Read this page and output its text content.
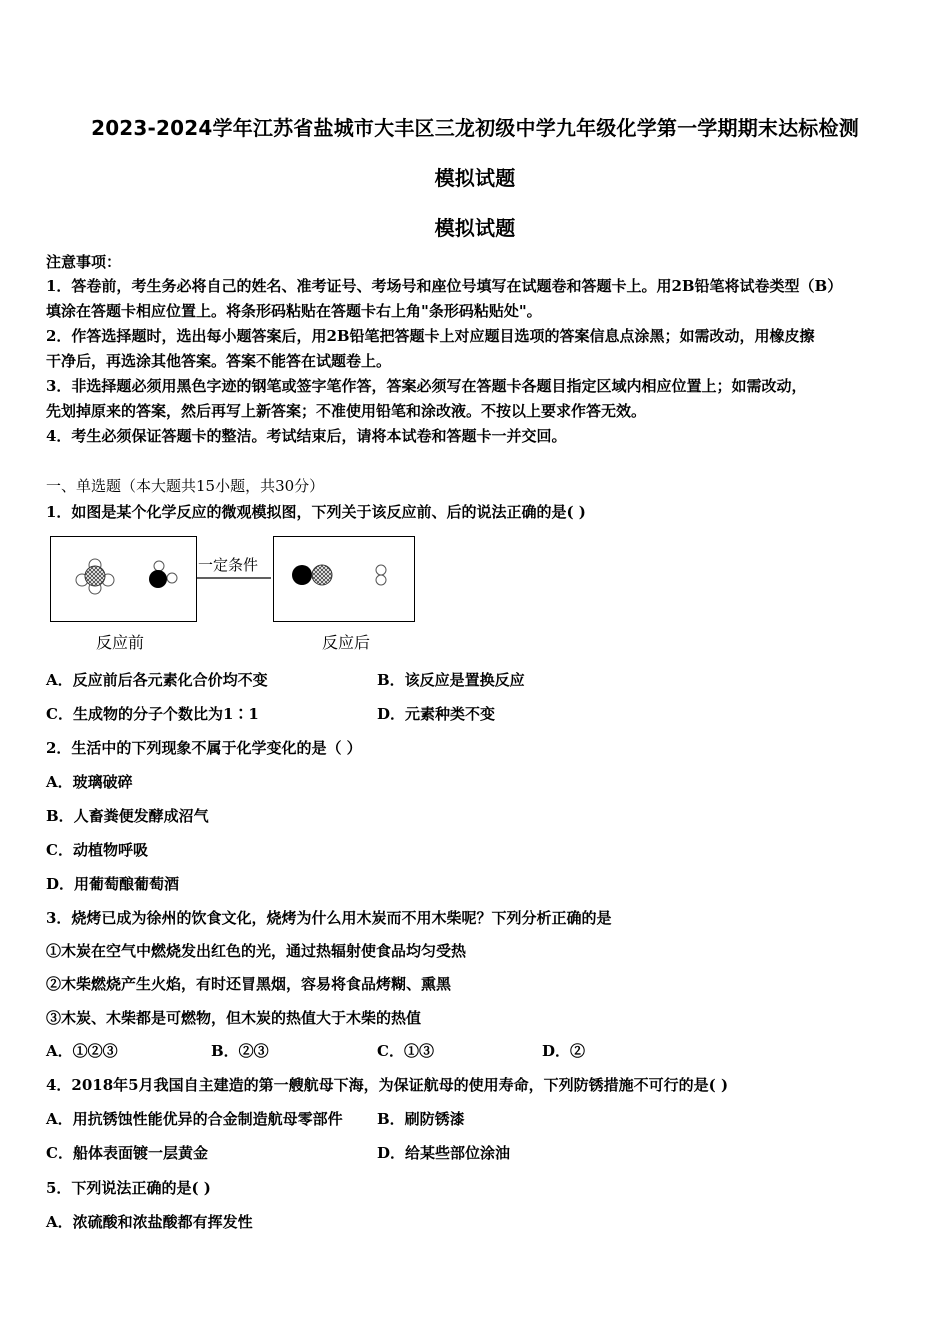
2023-2024学年江苏省盐城市大丰区三龙初级中学九年级化学第一学期期末达标检测
模拟试题
模拟试题
注意事项：
1．答卷前，考生务必将自己的姓名、准考证号、考场号和座位号填写在试题卷和答题卡上。用2B铅笔将试卷类型（B）
填涂在答题卡相应位置上。将条形码粘贴在答题卡右上角"条形码粘贴处"。
2．作答选择题时，选出每小题答案后，用2B铅笔把答题卡上对应题目选项的答案信息点涂黑；如需改动，用橡皮擦
干净后，再选涂其他答案。答案不能答在试题卷上。
3．非选择题必须用黑色字迹的钢笔或签字笔作答，答案必须写在答题卡各题目指定区域内相应位置上；如需改动，
先划掉原来的答案，然后再写上新答案；不准使用铅笔和涂改液。不按以上要求作答无效。
4．考生必须保证答题卡的整洁。考试结束后，请将本试卷和答题卡一并交回。
一、单选题（本大题共15小题，共30分）
1．如图是某个化学反应的微观模拟图，下列关于该反应前、后的说法正确的是( )
一定条件
反应前	反应后
A．反应前后各元素化合价均不变	B．该反应是置换反应
C．生成物的分子个数比为1∶1	D．元素种类不变
2．生活中的下列现象不属于化学变化的是（ ）
A．玻璃破碎
B．人畜粪便发酵成沼气
C．动植物呼吸
D．用葡萄酿葡萄酒
3．烧烤已成为徐州的饮食文化，烧烤为什么用木炭而不用木柴呢？下列分析正确的是
①木炭在空气中燃烧发出红色的光，通过热辐射使食品均匀受热
②木柴燃烧产生火焰，有时还冒黑烟，容易将食品烤糊、熏黑
③木炭、木柴都是可燃物，但木炭的热值大于木柴的热值
A．①②③	B．②③	C．①③	D．②
4．2018年5月我国自主建造的第一艘航母下海，为保证航母的使用寿命，下列防锈措施不可行的是( )
A．用抗锈蚀性能优异的合金制造航母零部件 B．刷防锈漆
C．船体表面镀一层黄金	D．给某些部位涂油
5．下列说法正确的是( )
A．浓硫酸和浓盐酸都有挥发性
